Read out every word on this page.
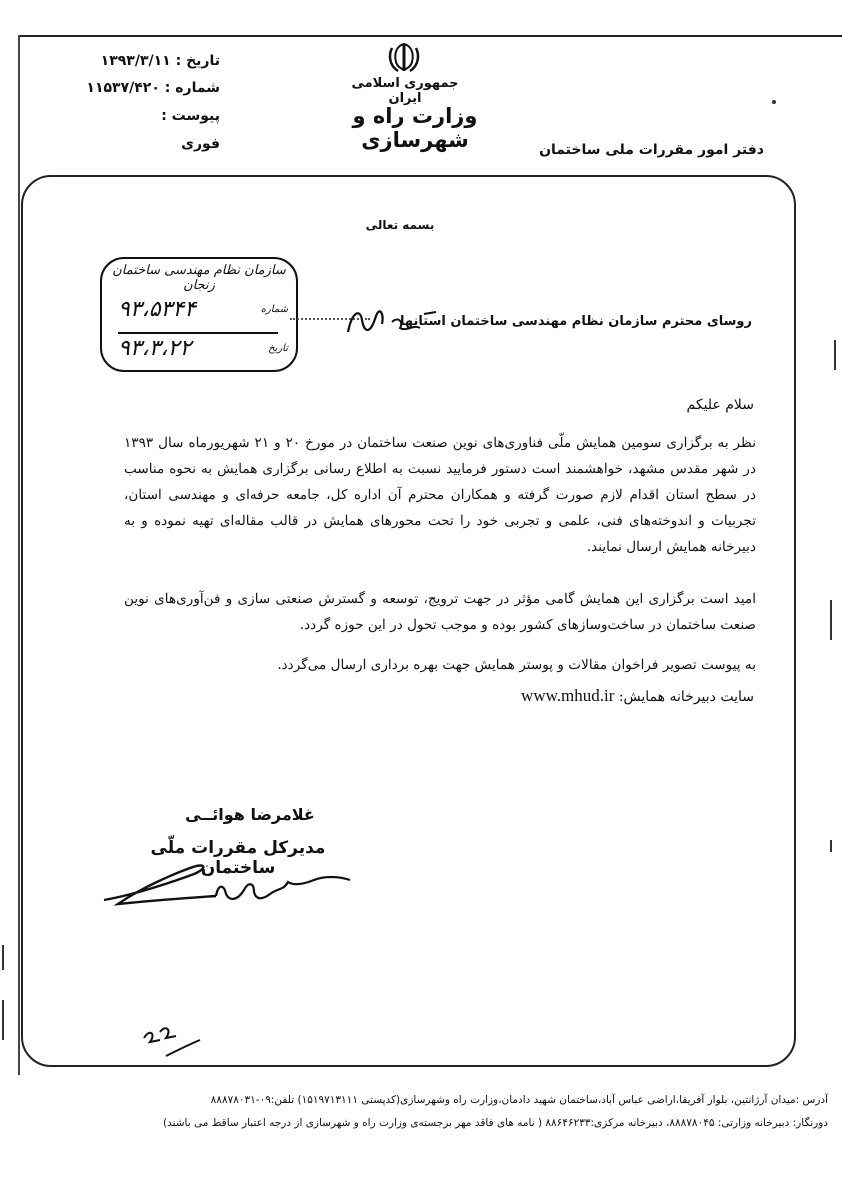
تاریخ : ۱۳۹۳/۳/۱۱
شماره : ۱۱۵۳۷/۴۲۰
پیوست :
فوری
جمهوری اسلامی ایران
وزارت راه و شهرسازی	دفتر امور مقررات ملی ساختمان
بسمه تعالی
سازمان نظام مهندسی ساختمان زنجان
شماره
۹۳،۵۳۴۴
تاریخ
۹۳،۳،۲۲
روسای محترم سازمان نظام مهندسی ساختمان استانها
سلام علیکم
نظر به برگزاری سومین همایش ملّی فناوری‌های نوین صنعت ساختمان در مورخ ۲۰ و ۲۱ شهریورماه سال ۱۳۹۳ در شهر مقدس مشهد، خواهشمند است دستور فرمایید نسبت به اطلاع رسانی برگزاری همایش به نحوه مناسب در سطح استان اقدام لازم صورت گرفته و همکاران محترم آن اداره کل، جامعه حرفه‌ای و مهندسی استان، تجربیات و اندوخته‌های فنی، علمی و تجربی خود را تحت محورهای همایش در قالب مقاله‌ای تهیه نموده و به دبیرخانه همایش ارسال نمایند.
امید است برگزاری این همایش گامی مؤثر در جهت ترویج، توسعه و گسترش صنعتی سازی و فن‌آوری‌های نوین صنعت ساختمان در ساخت‌وسازهای کشور بوده و موجب تحول در این حوزه گردد.
به پیوست تصویر فراخوان مقالات و پوستر همایش جهت بهره برداری ارسال می‌گردد.
سایت دبیرخانه همایش: www.mhud.ir
غلامرضا هوائــی
مدیرکل مقررات ملّی ساختمان
آدرس :میدان آرژانتین، بلوار آفریقا،اراضی عباس آباد،ساختمان شهید دادمان،وزارت راه وشهرسازی(کدپستی ۱۵۱۹۷۱۳۱۱۱) تلفن:۰۹-۸۸۸۷۸۰۳۱
دورنگار: دبیرخانه وزارتی: ۸۸۸۷۸۰۴۵، دبیرخانه مرکزی:۸۸۶۴۶۲۳۳ ( نامه های فاقد مهر برجسته‌ی وزارت راه و شهرسازی از درجه اعتبار ساقط می باشند)
